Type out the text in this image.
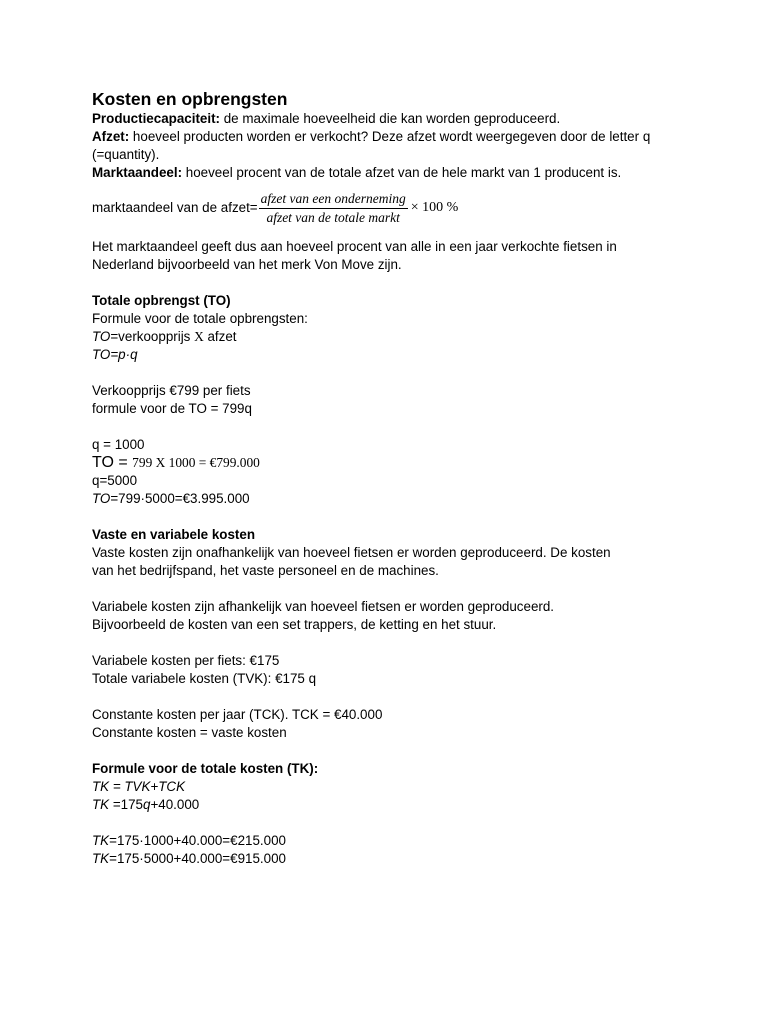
Kosten en opbrengsten

Productiecapaciteit: de maximale hoeveelheid die kan worden geproduceerd.

Afzet: hoeveel producten worden er verkocht? Deze afzet wordt weergegeven door de letter q (=quantity).

Marktaandeel: hoeveel procent van de totale afzet van de hele markt van 1 producent is.

marktaandeel van de afzet= $\frac{\text{afzet van een onderneming}}{\text{afzet van de totale markt}} \times 100$ %

Het marktaandeel geeft dus aan hoeveel procent van alle in een jaar verkochte fietsen in

Nederland bijvoorbeeld van het merk Von Move zijn.

Totale opbrengst (TO)

Formule voor de totale opbrengsten:

TO=verkoopprijs X afzet

TO=p·q

Verkoopprijs €799 per fiets

formule voor de TO = 799q

q = 1000

TO = 799 X 1000 = €799.000

q=5000

TO=799·5000=€3.995.000

Vaste en variabele kosten

Vaste kosten zijn onafhankelijk van hoeveel fietsen er worden geproduceerd. De kosten

van het bedrijfspand, het vaste personeel en de machines.

Variabele kosten zijn afhankelijk van hoeveel fietsen er worden geproduceerd.

Bijvoorbeeld de kosten van een set trappers, de ketting en het stuur.

Variabele kosten per fiets: €175

Totale variabele kosten (TVK): €175 q

Constante kosten per jaar (TCK). TCK = €40.000

Constante kosten = vaste kosten

Formule voor de totale kosten (TK):

TK = TVK+TCK

TK =175q+40.000

TK=175·1000+40.000=€215.000

TK=175·5000+40.000=€915.000
